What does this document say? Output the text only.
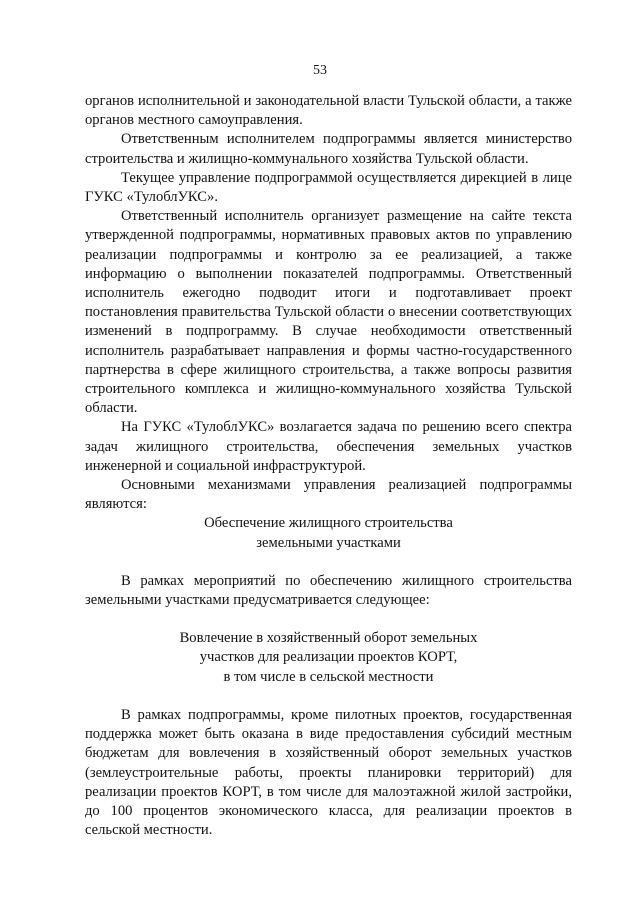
53

органов исполнительной и законодательной власти Тульской области, а также органов местного самоуправления.

Ответственным исполнителем подпрограммы является министерство строительства и жилищно-коммунального хозяйства Тульской области.

Текущее управление подпрограммой осуществляется дирекцией в лице ГУКС «ТулоблУКС».

Ответственный исполнитель организует размещение на сайте текста утвержденной подпрограммы, нормативных правовых актов по управлению реализации подпрограммы и контролю за ее реализацией, а также информацию о выполнении показателей подпрограммы. Ответственный исполнитель ежегодно подводит итоги и подготавливает проект постановления правительства Тульской области о внесении соответствующих изменений в подпрограмму. В случае необходимости ответственный исполнитель разрабатывает направления и формы частно-государственного партнерства в сфере жилищного строительства, а также вопросы развития строительного комплекса и жилищно-коммунального хозяйства Тульской области.

На ГУКС «ТулоблУКС» возлагается задача по решению всего спектра задач жилищного строительства, обеспечения земельных участков инженерной и социальной инфраструктурой.

Основными механизмами управления реализацией подпрограммы являются:

Обеспечение жилищного строительства

земельными участками

В рамках мероприятий по обеспечению жилищного строительства земельными участками предусматривается следующее:

Вовлечение в хозяйственный оборот земельных

участков для реализации проектов КОРТ,

в том числе в сельской местности

В рамках подпрограммы, кроме пилотных проектов, государственная поддержка может быть оказана в виде предоставления субсидий местным бюджетам для вовлечения в хозяйственный оборот земельных участков (землеустроительные работы, проекты планировки территорий) для реализации проектов КОРТ, в том числе для малоэтажной жилой застройки, до 100 процентов экономического класса, для реализации проектов в сельской местности.
